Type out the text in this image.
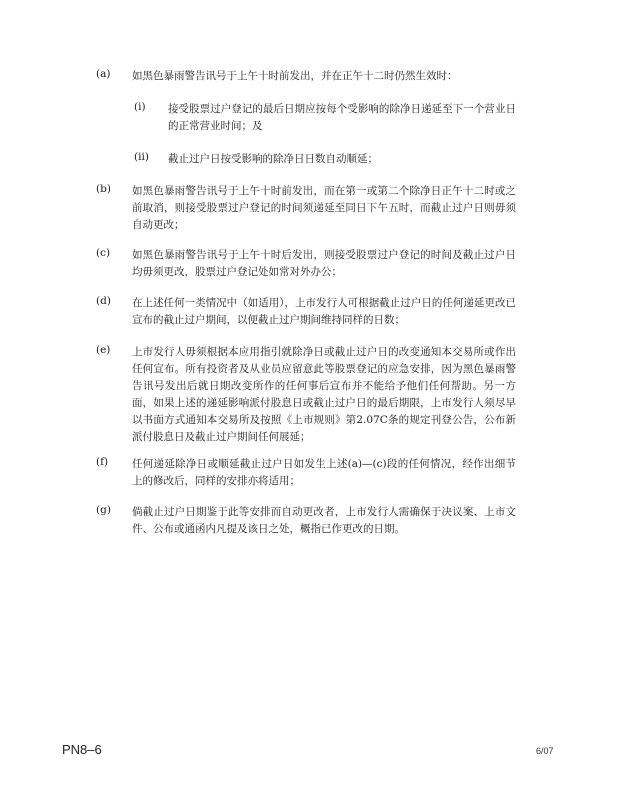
(a) 如黑色暴雨警告讯号于上午十时前发出，并在正午十二时仍然生效时：
(i) 接受股票过户登记的最后日期应按每个受影响的除净日递延至下一个营业日的正常营业时间；及
(ii) 截止过户日按受影响的除净日日数自动顺延；
(b) 如黑色暴雨警告讯号于上午十时前发出，而在第一或第二个除净日正午十二时或之前取消，则接受股票过户登记的时间须递延至同日下午五时，而截止过户日则毋须自动更改；
(c) 如黑色暴雨警告讯号于上午十时后发出，则接受股票过户登记的时间及截止过户日均毋须更改，股票过户登记处如常对外办公；
(d) 在上述任何一类情况中（如适用），上市发行人可根据截止过户日的任何递延更改已宣布的截止过户期间，以便截止过户期间维持同样的日数；
(e) 上市发行人毋须根据本应用指引就除净日或截止过户日的改变通知本交易所或作出任何宣布。所有投资者及从业员应留意此等股票登记的应急安排，因为黑色暴雨警告讯号发出后就日期改变所作的任何事后宣布并不能给予他们任何帮助。另一方面，如果上述的递延影响派付股息日或截止过户日的最后期限，上市发行人须尽早以书面方式通知本交易所及按照《上市规则》第2.07C条的规定刊登公告，公布新派付股息日及截止过户期间任何展延；
(f) 任何递延除净日或顺延截止过户日如发生上述(a)—(c)段的任何情况，经作出细节上的修改后，同样的安排亦将适用；
(g) 倘截止过户日期鉴于此等安排而自动更改者，上市发行人需确保于决议案、上市文件、公布或通函内凡提及该日之处，概指已作更改的日期。
PN8–6	6/07
